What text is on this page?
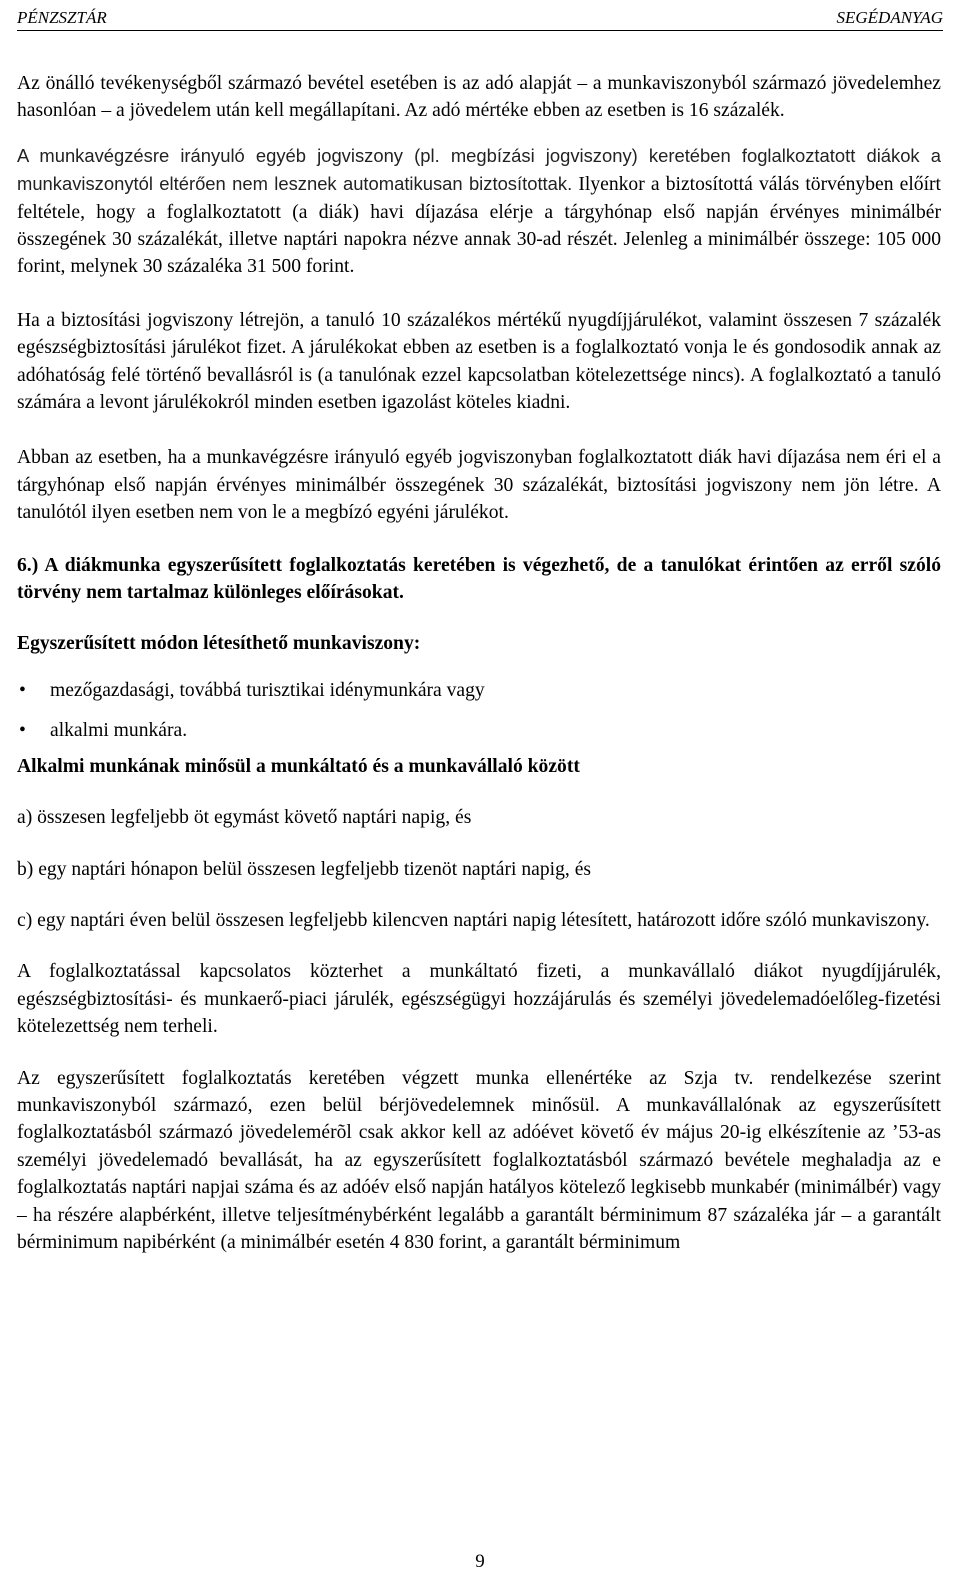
PÉNZSZTÁR	SEGÉDANYAG

Az önálló tevékenységből származó bevétel esetében is az adó alapját – a munkaviszonyból származó jövedelemhez hasonlóan – a jövedelem után kell megállapítani. Az adó mértéke ebben az esetben is 16 százalék.

A munkavégzésre irányuló egyéb jogviszony (pl. megbízási jogviszony) keretében foglalkoztatott diákok a munkaviszonytól eltérően nem lesznek automatikusan biztosítottak. Ilyenkor a biztosítottá válás törvényben előírt feltétele, hogy a foglalkoztatott (a diák) havi díjazása elérje a tárgyhónap első napján érvényes minimálbér összegének 30 százalékát, illetve naptári napokra nézve annak 30-ad részét. Jelenleg a minimálbér összege: 105 000 forint, melynek 30 százaléka 31 500 forint.

Ha a biztosítási jogviszony létrejön, a tanuló 10 százalékos mértékű nyugdíjjárulékot, valamint összesen 7 százalék egészségbiztosítási járulékot fizet. A járulékokat ebben az esetben is a foglalkoztató vonja le és gondosodik annak az adóhatóság felé történő bevallásról is (a tanulónak ezzel kapcsolatban kötelezettsége nincs). A foglalkoztató a tanuló számára a levont járulékokról minden esetben igazolást köteles kiadni.

Abban az esetben, ha a munkavégzésre irányuló egyéb jogviszonyban foglalkoztatott diák havi díjazása nem éri el a tárgyhónap első napján érvényes minimálbér összegének 30 százalékát, biztosítási jogviszony nem jön létre. A tanulótól ilyen esetben nem von le a megbízó egyéni járulékot.

6.) A diákmunka egyszerűsített foglalkoztatás keretében is végezhető, de a tanulókat érintően az erről szóló törvény nem tartalmaz különleges előírásokat.

Egyszerűsített módon létesíthető munkaviszony:

• mezőgazdasági, továbbá turisztikai idénymunkára vagy
• alkalmi munkára.

Alkalmi munkának minősül a munkáltató és a munkavállaló között

a) összesen legfeljebb öt egymást követő naptári napig, és

b) egy naptári hónapon belül összesen legfeljebb tizenöt naptári napig, és

c) egy naptári éven belül összesen legfeljebb kilencven naptári napig létesített, határozott időre szóló munkaviszony.

A foglalkoztatással kapcsolatos közterhet a munkáltató fizeti, a munkavállaló diákot nyugdíjjárulék, egészségbiztosítási- és munkaerő-piaci járulék, egészségügyi hozzájárulás és személyi jövedelemadóelőleg-fizetési kötelezettség nem terheli.

Az egyszerűsített foglalkoztatás keretében végzett munka ellenértéke az Szja tv. rendelkezése szerint munkaviszonyból származó, ezen belül bérjövedelemnek minősül. A munkavállalónak az egyszerűsített foglalkoztatásból származó jövedelemérõl csak akkor kell az adóévet követő év május 20-ig elkészítenie az ’53-as személyi jövedelemadó bevallását, ha az egyszerűsített foglalkoztatásból származó bevétele meghaladja az e foglalkoztatás naptári napjai száma és az adóév első napján hatályos kötelező legkisebb munkabér (minimálbér) vagy – ha részére alapbérként, illetve teljesítménybérként legalább a garantált bérminimum 87 százaléka jár – a garantált bérminimum napibérként (a minimálbér esetén 4 830 forint, a garantált bérminimum

9
